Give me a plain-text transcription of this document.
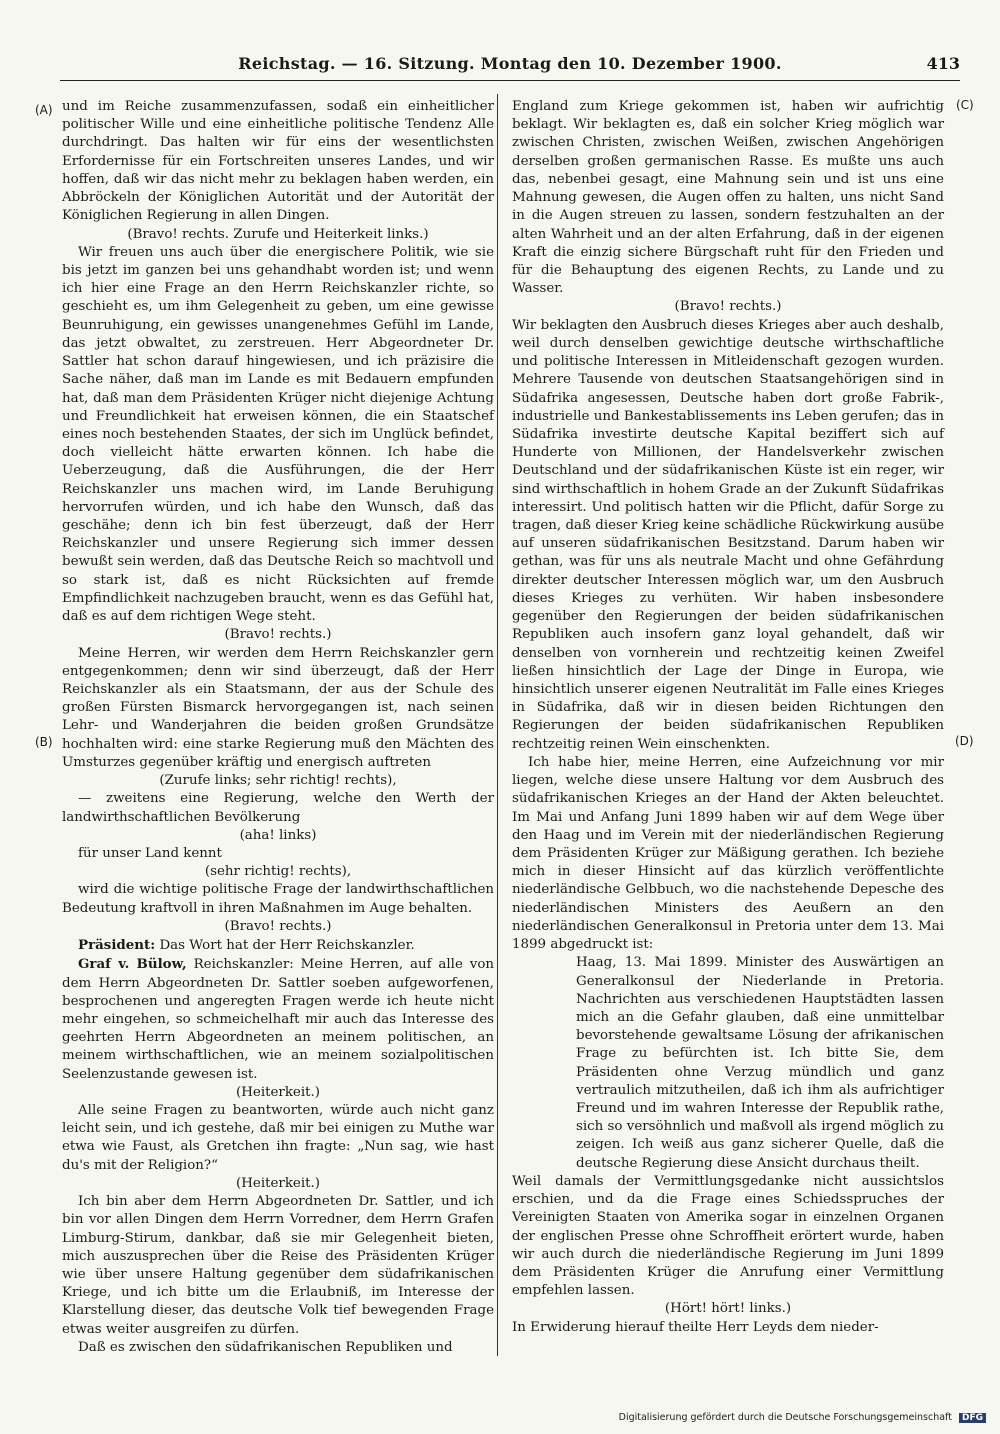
Reichstag. — 16. Sitzung. Montag den 10. Dezember 1900.	413
(A)
(B)
(C)
(D)

und im Reiche zusammenzufassen, sodaß ein einheitlicher politischer Wille und eine einheitliche politische Tendenz Alle durchdringt. Das halten wir für eins der wesentlichsten Erfordernisse für ein Fortschreiten unseres Landes, und wir hoffen, daß wir das nicht mehr zu beklagen haben werden, ein Abbröckeln der Königlichen Autorität und der Autorität der Königlichen Regierung in allen Dingen.

(Bravo! rechts. Zurufe und Heiterkeit links.)

Wir freuen uns auch über die energischere Politik, wie sie bis jetzt im ganzen bei uns gehandhabt worden ist; und wenn ich hier eine Frage an den Herrn Reichskanzler richte, so geschieht es, um ihm Gelegenheit zu geben, um eine gewisse Beunruhigung, ein gewisses unangenehmes Gefühl im Lande, das jetzt obwaltet, zu zerstreuen. Herr Abgeordneter Dr. Sattler hat schon darauf hingewiesen, und ich präzisire die Sache näher, daß man im Lande es mit Bedauern empfunden hat, daß man dem Präsidenten Krüger nicht diejenige Achtung und Freundlichkeit hat erweisen können, die ein Staatschef eines noch bestehenden Staates, der sich im Unglück befindet, doch vielleicht hätte erwarten können. Ich habe die Ueberzeugung, daß die Ausführungen, die der Herr Reichskanzler uns machen wird, im Lande Beruhigung hervorrufen würden, und ich habe den Wunsch, daß das geschähe; denn ich bin fest überzeugt, daß der Herr Reichskanzler und unsere Regierung sich immer dessen bewußt sein werden, daß das Deutsche Reich so machtvoll und so stark ist, daß es nicht Rücksichten auf fremde Empfindlichkeit nachzugeben braucht, wenn es das Gefühl hat, daß es auf dem richtigen Wege steht.

(Bravo! rechts.)

Meine Herren, wir werden dem Herrn Reichskanzler gern entgegenkommen; denn wir sind überzeugt, daß der Herr Reichskanzler als ein Staatsmann, der aus der Schule des großen Fürsten Bismarck hervorgegangen ist, nach seinen Lehr- und Wanderjahren die beiden großen Grundsätze hochhalten wird: eine starke Regierung muß den Mächten des Umsturzes gegenüber kräftig und energisch auftreten

(Zurufe links; sehr richtig! rechts),

— zweitens eine Regierung, welche den Werth der landwirthschaftlichen Bevölkerung

(aha! links)

für unser Land kennt

(sehr richtig! rechts),

wird die wichtige politische Frage der landwirthschaftlichen Bedeutung kraftvoll in ihren Maßnahmen im Auge behalten.

(Bravo! rechts.)

Präsident: Das Wort hat der Herr Reichskanzler.

Graf v. Bülow, Reichskanzler: Meine Herren, auf alle von dem Herrn Abgeordneten Dr. Sattler soeben aufgeworfenen, besprochenen und angeregten Fragen werde ich heute nicht mehr eingehen, so schmeichelhaft mir auch das Interesse des geehrten Herrn Abgeordneten an meinem politischen, an meinem wirthschaftlichen, wie an meinem sozialpolitischen Seelenzustande gewesen ist.

(Heiterkeit.)

Alle seine Fragen zu beantworten, würde auch nicht ganz leicht sein, und ich gestehe, daß mir bei einigen zu Muthe war etwa wie Faust, als Gretchen ihn fragte: „Nun sag, wie hast du's mit der Religion?“

(Heiterkeit.)

Ich bin aber dem Herrn Abgeordneten Dr. Sattler, und ich bin vor allen Dingen dem Herrn Vorredner, dem Herrn Grafen Limburg-Stirum, dankbar, daß sie mir Gelegenheit bieten, mich auszusprechen über die Reise des Präsidenten Krüger wie über unsere Haltung gegenüber dem südafrikanischen Kriege, und ich bitte um die Erlaubniß, im Interesse der Klarstellung dieser, das deutsche Volk tief bewegenden Frage etwas weiter ausgreifen zu dürfen.

Daß es zwischen den südafrikanischen Republiken und

England zum Kriege gekommen ist, haben wir aufrichtig beklagt. Wir beklagten es, daß ein solcher Krieg möglich war zwischen Christen, zwischen Weißen, zwischen Angehörigen derselben großen germanischen Rasse. Es mußte uns auch das, nebenbei gesagt, eine Mahnung sein und ist uns eine Mahnung gewesen, die Augen offen zu halten, uns nicht Sand in die Augen streuen zu lassen, sondern festzuhalten an der alten Wahrheit und an der alten Erfahrung, daß in der eigenen Kraft die einzig sichere Bürgschaft ruht für den Frieden und für die Behauptung des eigenen Rechts, zu Lande und zu Wasser.

(Bravo! rechts.)

Wir beklagten den Ausbruch dieses Krieges aber auch deshalb, weil durch denselben gewichtige deutsche wirthschaftliche und politische Interessen in Mitleidenschaft gezogen wurden. Mehrere Tausende von deutschen Staatsangehörigen sind in Südafrika angesessen, Deutsche haben dort große Fabrik-, industrielle und Bankestablissements ins Leben gerufen; das in Südafrika investirte deutsche Kapital beziffert sich auf Hunderte von Millionen, der Handelsverkehr zwischen Deutschland und der südafrikanischen Küste ist ein reger, wir sind wirthschaftlich in hohem Grade an der Zukunft Südafrikas interessirt. Und politisch hatten wir die Pflicht, dafür Sorge zu tragen, daß dieser Krieg keine schädliche Rückwirkung ausübe auf unseren südafrikanischen Besitzstand. Darum haben wir gethan, was für uns als neutrale Macht und ohne Gefährdung direkter deutscher Interessen möglich war, um den Ausbruch dieses Krieges zu verhüten. Wir haben insbesondere gegenüber den Regierungen der beiden südafrikanischen Republiken auch insofern ganz loyal gehandelt, daß wir denselben von vornherein und rechtzeitig keinen Zweifel ließen hinsichtlich der Lage der Dinge in Europa, wie hinsichtlich unserer eigenen Neutralität im Falle eines Krieges in Südafrika, daß wir in diesen beiden Richtungen den Regierungen der beiden südafrikanischen Republiken rechtzeitig reinen Wein einschenkten.

Ich habe hier, meine Herren, eine Aufzeichnung vor mir liegen, welche diese unsere Haltung vor dem Ausbruch des südafrikanischen Krieges an der Hand der Akten beleuchtet. Im Mai und Anfang Juni 1899 haben wir auf dem Wege über den Haag und im Verein mit der niederländischen Regierung dem Präsidenten Krüger zur Mäßigung gerathen. Ich beziehe mich in dieser Hinsicht auf das kürzlich veröffentlichte niederländische Gelbbuch, wo die nachstehende Depesche des niederländischen Ministers des Aeußern an den niederländischen Generalkonsul in Pretoria unter dem 13. Mai 1899 abgedruckt ist:

Haag, 13. Mai 1899. Minister des Auswärtigen an Generalkonsul der Niederlande in Pretoria. Nachrichten aus verschiedenen Hauptstädten lassen mich an die Gefahr glauben, daß eine unmittelbar bevorstehende gewaltsame Lösung der afrikanischen Frage zu befürchten ist. Ich bitte Sie, dem Präsidenten ohne Verzug mündlich und ganz vertraulich mitzutheilen, daß ich ihm als aufrichtiger Freund und im wahren Interesse der Republik rathe, sich so versöhnlich und maßvoll als irgend möglich zu zeigen. Ich weiß aus ganz sicherer Quelle, daß die deutsche Regierung diese Ansicht durchaus theilt.

Weil damals der Vermittlungsgedanke nicht aussichtslos erschien, und da die Frage eines Schiedsspruches der Vereinigten Staaten von Amerika sogar in einzelnen Organen der englischen Presse ohne Schroffheit erörtert wurde, haben wir auch durch die niederländische Regierung im Juni 1899 dem Präsidenten Krüger die Anrufung einer Vermittlung empfehlen lassen.

(Hört! hört! links.)

In Erwiderung hierauf theilte Herr Leyds dem nieder-

Digitalisierung gefördert durch die Deutsche Forschungsgemeinschaft DFG
